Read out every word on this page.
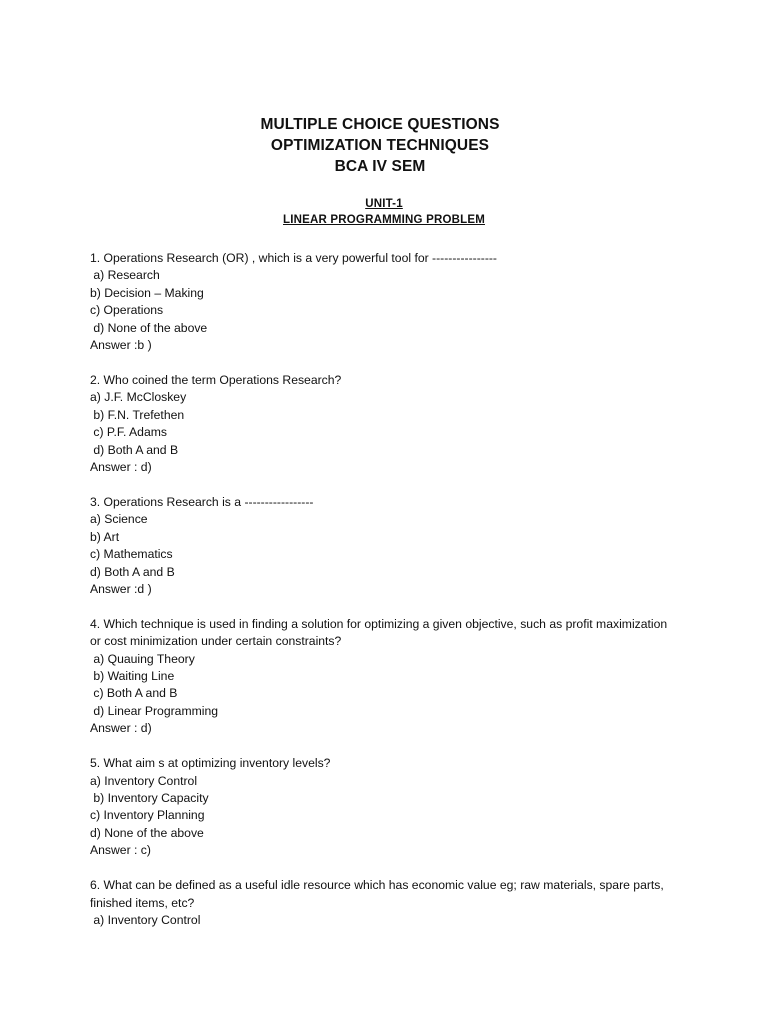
MULTIPLE CHOICE QUESTIONS
OPTIMIZATION TECHNIQUES
BCA IV SEM
UNIT-1
LINEAR PROGRAMMING PROBLEM
1. Operations Research (OR) , which is a very powerful tool for ----------------
a) Research
b) Decision – Making
c) Operations
d) None of the above
Answer :b )
2. Who coined the term Operations Research?
a) J.F. McCloskey
b) F.N. Trefethen
c) P.F. Adams
d) Both A and B
Answer : d)
3. Operations Research is a -----------------
a) Science
b) Art
c) Mathematics
d) Both A and B
Answer :d )
4. Which technique is used in finding a solution for optimizing a given objective, such as profit maximization or cost minimization under certain constraints?
a) Quauing Theory
b) Waiting Line
c) Both A and B
d) Linear Programming
Answer : d)
5. What aim s at optimizing inventory levels?
a) Inventory Control
b) Inventory Capacity
c) Inventory Planning
d) None of the above
Answer : c)
6. What can be defined as a useful idle resource which has economic value eg; raw materials, spare parts, finished items, etc?
a) Inventory Control
